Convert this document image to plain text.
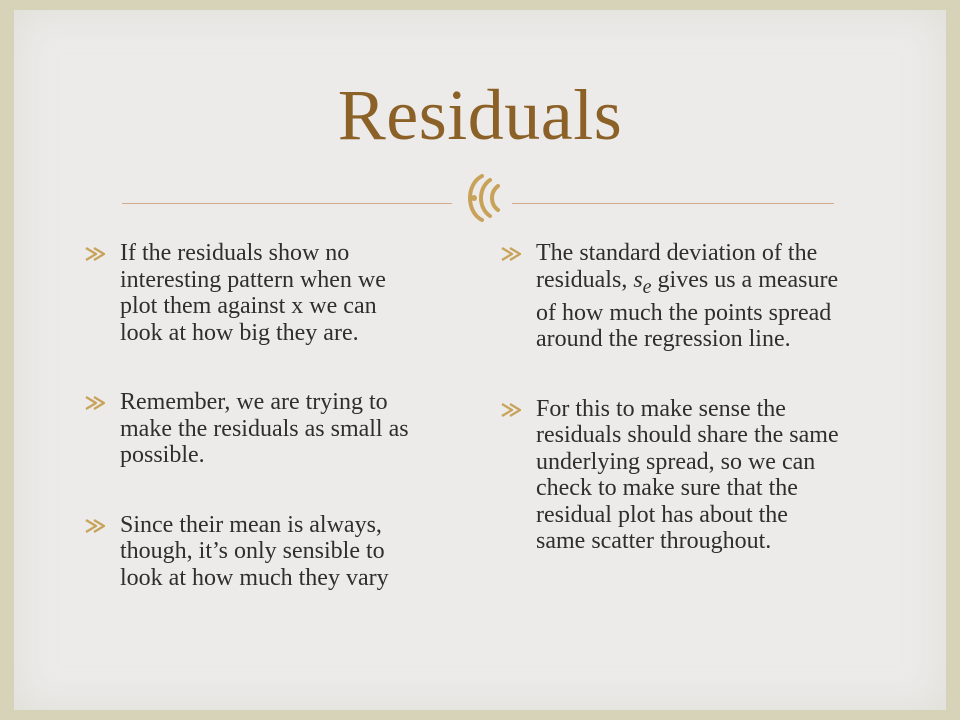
Residuals
If the residuals show no interesting pattern when we plot them against x we can look at how big they are.
Remember, we are trying to make the residuals as small as possible.
Since their mean is always, though, it’s only sensible to look at how much they vary
The standard deviation of the residuals, $s_e$ gives us a measure of how much the points spread around the regression line.
For this to make sense the residuals should share the same underlying spread, so we can check to make sure that the residual plot has about the same scatter throughout.
